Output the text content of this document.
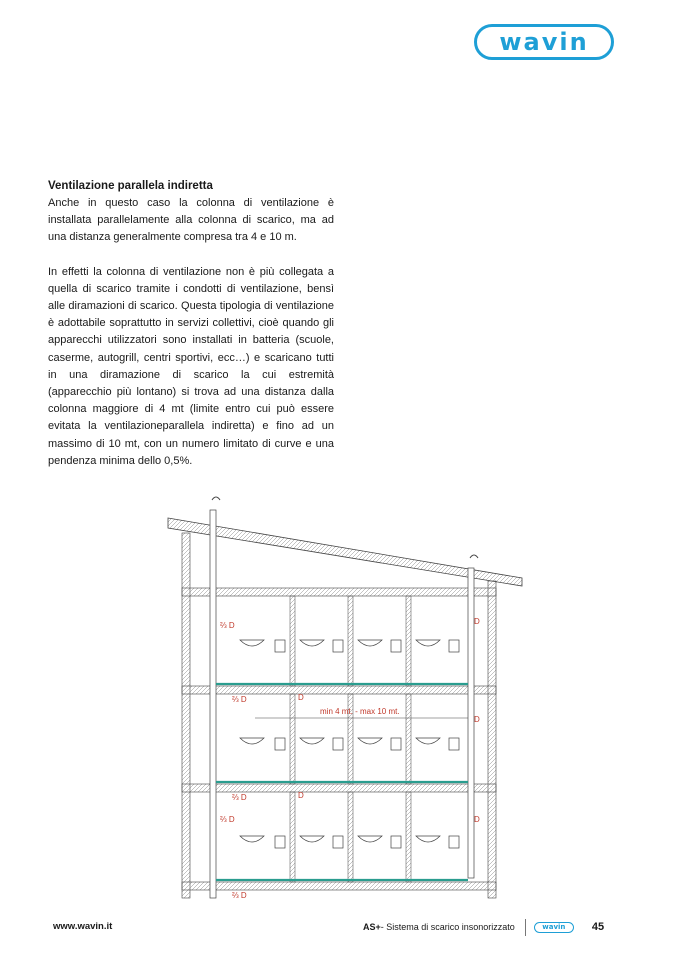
wavin
Ventilazione parallela indiretta

Anche in questo caso la colonna di ventilazione è installata parallelamente alla colonna di scarico, ma ad una distanza generalmente compresa tra 4 e 10 m.

In effetti la colonna di ventilazione non è più collegata a quella di scarico tramite i condotti di ventilazione, bensì alle diramazioni di scarico. Questa tipologia di ventilazione è adottabile soprattutto in servizi collettivi, cioè quando gli apparecchi utilizzatori sono installati in batteria (scuole, caserme, autogrill, centri sportivi, ecc…) e scaricano tutti in una diramazione di scarico la cui estremità (apparecchio più lontano) si trova ad una distanza dalla colonna maggiore di 4 mt (limite entro cui può essere evitata la ventilazioneparallela indiretta) e fino ad un massimo di 10 mt, con un numero limitato di curve e una pendenza minima dello 0,5%.

min 4 mt. - max 10 mt.
⅔ D
⅔ D
⅔ D
⅔ D
⅔ D
D
D
D
D
D
www.wavin.it	AS+ - Sistema di scarico insonorizzato	wavin 45
